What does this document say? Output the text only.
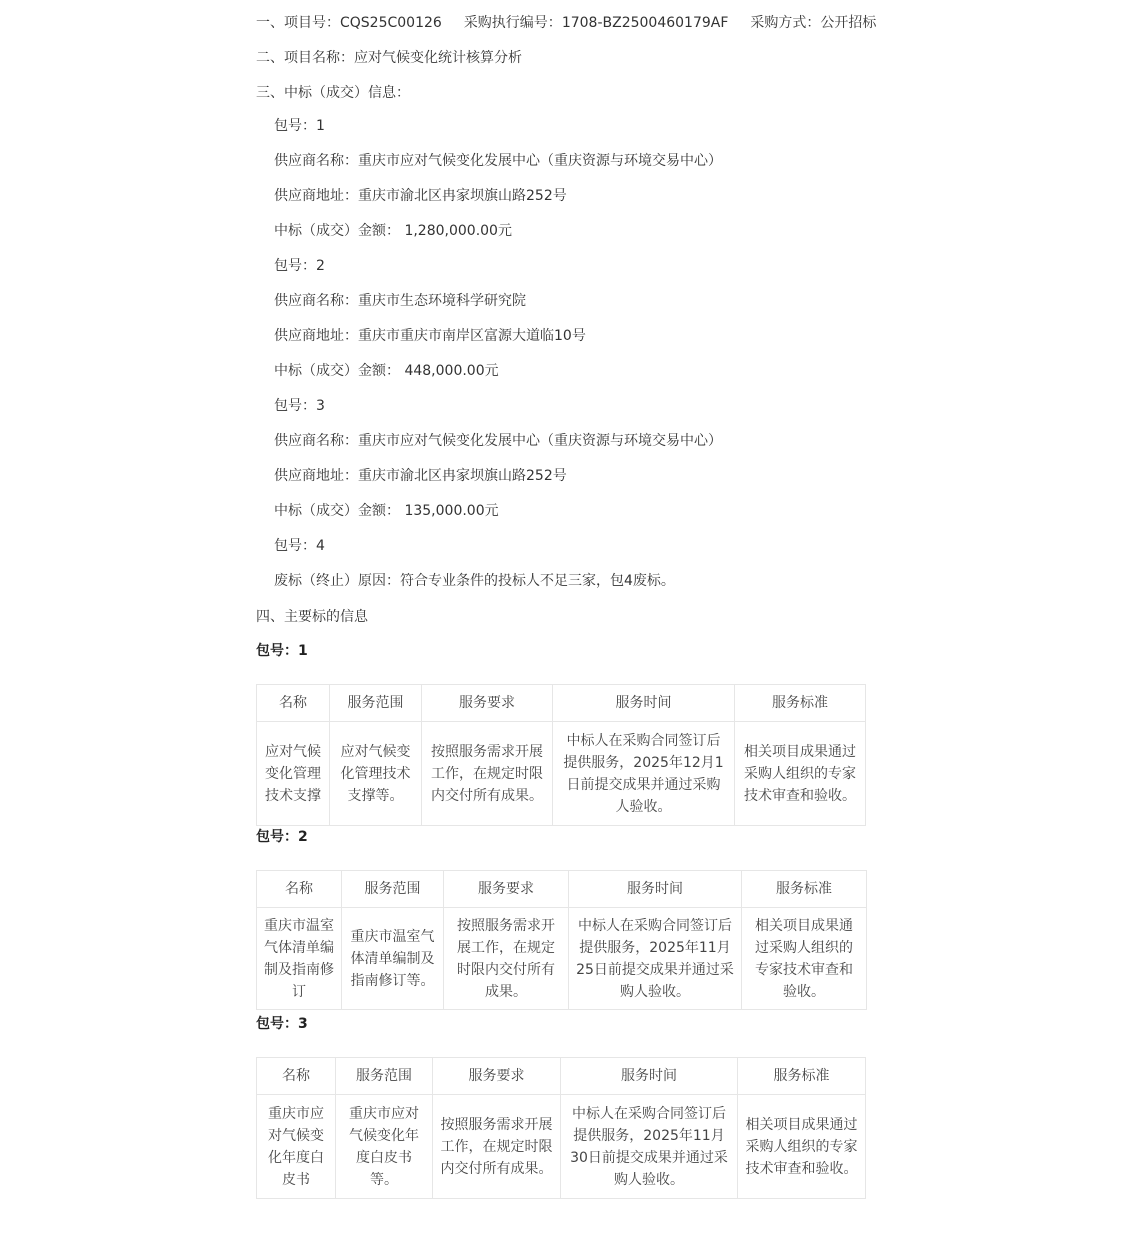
一、项目号：CQS25C00126 采购执行编号：1708-BZ2500460179AF 采购方式：公开招标
二、项目名称：应对气候变化统计核算分析
三、中标（成交）信息：
包号：1
供应商名称：重庆市应对气候变化发展中心（重庆资源与环境交易中心）
供应商地址：重庆市渝北区冉家坝旗山路252号
中标（成交）金额： 1,280,000.00元
包号：2
供应商名称：重庆市生态环境科学研究院
供应商地址：重庆市重庆市南岸区富源大道临10号
中标（成交）金额： 448,000.00元
包号：3
供应商名称：重庆市应对气候变化发展中心（重庆资源与环境交易中心）
供应商地址：重庆市渝北区冉家坝旗山路252号
中标（成交）金额： 135,000.00元
包号：4
废标（终止）原因：符合专业条件的投标人不足三家，包4废标。
四、主要标的信息
包号：1
名称	服务范围	服务要求	服务时间	服务标准
应对气候变化管理技术支撑	应对气候变化管理技术支撑等。	按照服务需求开展工作，在规定时限内交付所有成果。	中标人在采购合同签订后提供服务，2025年12月1日前提交成果并通过采购人验收。	相关项目成果通过采购人组织的专家技术审查和验收。
包号：2
名称	服务范围	服务要求	服务时间	服务标准
重庆市温室气体清单编制及指南修订	重庆市温室气体清单编制及指南修订等。	按照服务需求开展工作，在规定时限内交付所有成果。	中标人在采购合同签订后提供服务，2025年11月25日前提交成果并通过采购人验收。	相关项目成果通过采购人组织的专家技术审查和验收。
包号：3
名称	服务范围	服务要求	服务时间	服务标准
重庆市应对气候变化年度白皮书	重庆市应对气候变化年度白皮书等。	按照服务需求开展工作，在规定时限内交付所有成果。	中标人在采购合同签订后提供服务，2025年11月30日前提交成果并通过采购人验收。	相关项目成果通过采购人组织的专家技术审查和验收。
